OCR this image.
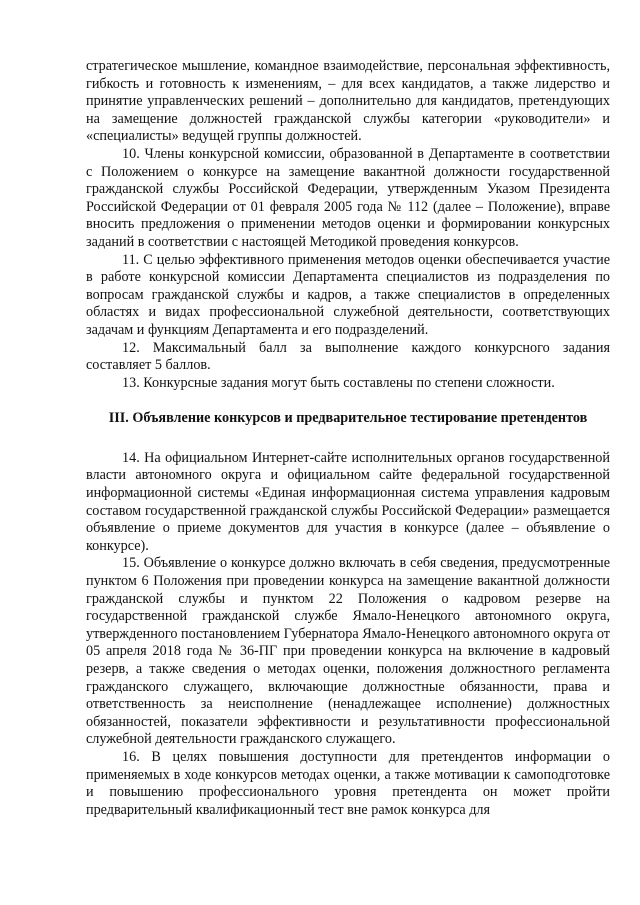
стратегическое мышление, командное взаимодействие, персональная эффективность, гибкость и готовность к изменениям, – для всех кандидатов, а также лидерство и принятие управленческих решений – дополнительно для кандидатов, претендующих на замещение должностей гражданской службы категории «руководители» и «специалисты» ведущей группы должностей.

10. Члены конкурсной комиссии, образованной в Департаменте в соответствии с Положением о конкурсе на замещение вакантной должности государственной гражданской службы Российской Федерации, утвержденным Указом Президента Российской Федерации от 01 февраля 2005 года № 112 (далее – Положение), вправе вносить предложения о применении методов оценки и формировании конкурсных заданий в соответствии с настоящей Методикой проведения конкурсов.

11. С целью эффективного применения методов оценки обеспечивается участие в работе конкурсной комиссии Департамента специалистов из подразделения по вопросам гражданской службы и кадров, а также специалистов в определенных областях и видах профессиональной служебной деятельности, соответствующих задачам и функциям Департамента и его подразделений.

12. Максимальный балл за выполнение каждого конкурсного задания составляет 5 баллов.

13. Конкурсные задания могут быть составлены по степени сложности.

III. Объявление конкурсов и предварительное тестирование претендентов

14. На официальном Интернет-сайте исполнительных органов государственной власти автономного округа и официальном сайте федеральной государственной информационной системы «Единая информационная система управления кадровым составом государственной гражданской службы Российской Федерации» размещается объявление о приеме документов для участия в конкурсе (далее – объявление о конкурсе).

15. Объявление о конкурсе должно включать в себя сведения, предусмотренные пунктом 6 Положения при проведении конкурса на замещение вакантной должности гражданской службы и пунктом 22 Положения о кадровом резерве на государственной гражданской службе Ямало-Ненецкого автономного округа, утвержденного постановлением Губернатора Ямало-Ненецкого автономного округа от 05 апреля 2018 года № 36-ПГ при проведении конкурса на включение в кадровый резерв, а также сведения о методах оценки, положения должностного регламента гражданского служащего, включающие должностные обязанности, права и ответственность за неисполнение (ненадлежащее исполнение) должностных обязанностей, показатели эффективности и результативности профессиональной служебной деятельности гражданского служащего.

16. В целях повышения доступности для претендентов информации о применяемых в ходе конкурсов методах оценки, а также мотивации к самоподготовке и повышению профессионального уровня претендента он может пройти предварительный квалификационный тест вне рамок конкурса для
